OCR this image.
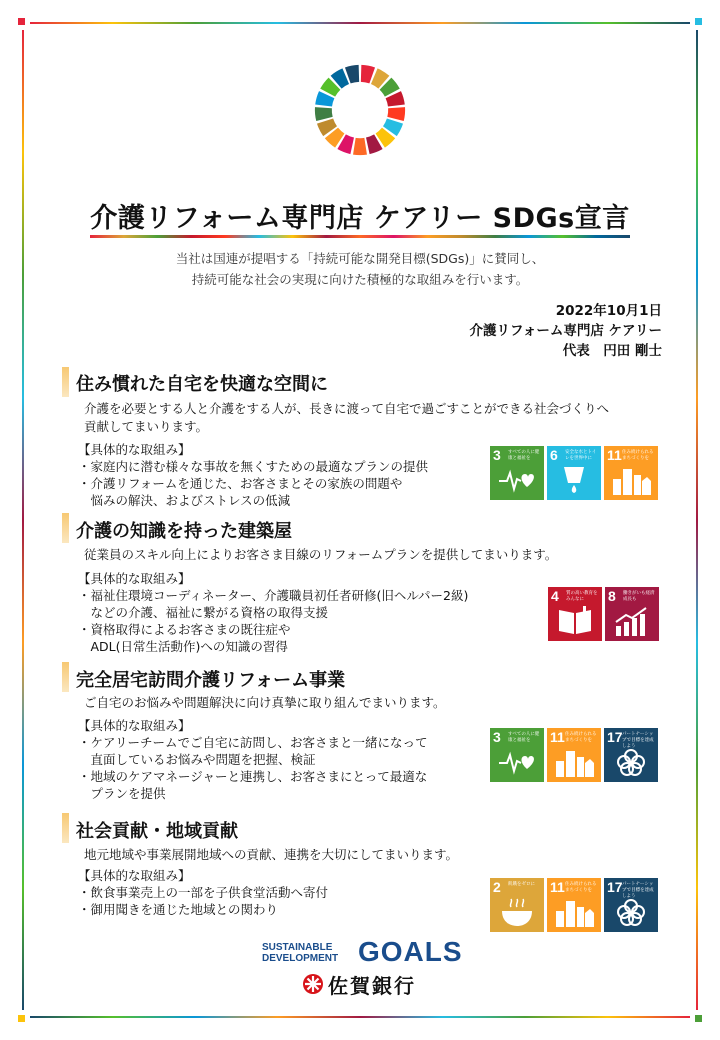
介護リフォーム専門店 ケアリー SDGs宣言
当社は国連が提唱する「持続可能な開発目標(SDGs)」に賛同し、
持続可能な社会の実現に向けた積極的な取組みを行います。
2022年10月1日
介護リフォーム専門店 ケアリー
代表　円田 剛士
住み慣れた自宅を快適な空間に
介護を必要とする人と介護をする人が、長きに渡って自宅で過ごすことができる社会づくりへ
貢献してまいります。
【具体的な取組み】
・家庭内に潜む様々な事故を無くすための最適なプランの提供
・介護リフォームを通じた、お客さまとその家族の問題や
　悩みの解決、およびストレスの低減
3 すべての人に健康と福祉を	6 安全な水とトイレを世界中に	11 住み続けられるまちづくりを
介護の知識を持った建築屋
従業員のスキル向上によりお客さま目線のリフォームプランを提供してまいります。
【具体的な取組み】
・福祉住環境コーディネーター、介護職員初任者研修(旧ヘルパー2級)
　などの介護、福祉に繋がる資格の取得支援
・資格取得によるお客さまの既往症や
　ADL(日常生活動作)への知識の習得
4 質の高い教育をみんなに	8 働きがいも経済成長も
完全居宅訪問介護リフォーム事業
ご自宅のお悩みや問題解決に向け真摯に取り組んでまいります。
【具体的な取組み】
・ケアリーチームでご自宅に訪問し、お客さまと一緒になって
　直面しているお悩みや問題を把握、検証
・地域のケアマネージャーと連携し、お客さまにとって最適な
　プランを提供
3 すべての人に健康と福祉を	11 住み続けられるまちづくりを	17 パートナーシップで目標を達成しよう
社会貢献・地域貢献
地元地域や事業展開地域への貢献、連携を大切にしてまいります。
【具体的な取組み】
・飲食事業売上の一部を子供食堂活動へ寄付
・御用聞きを通じた地域との関わり
2 飢餓をゼロに	11 住み続けられるまちづくりを	17 パートナーシップで目標を達成しよう
SUSTAINABLE
DEVELOPMENT GOALS
佐賀銀行
